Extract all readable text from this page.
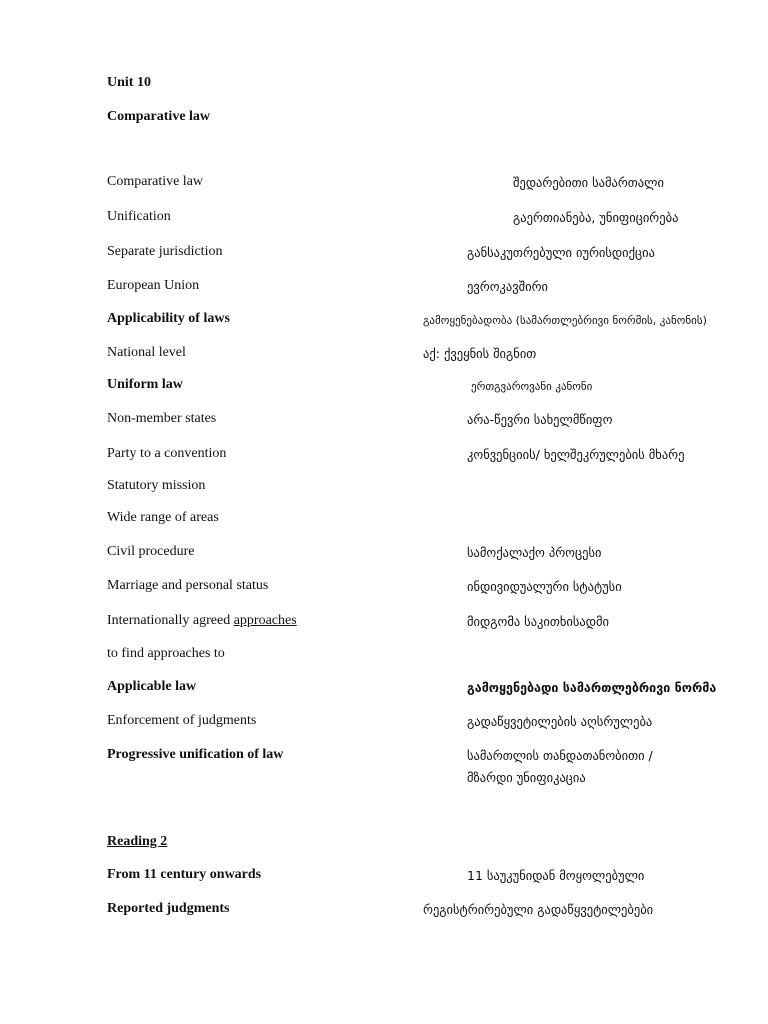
Unit 10
Comparative law
Comparative law	შედარებითი სამართალი
Unification	გაერთიანება, უნიფიცირება
Separate jurisdiction	განსაკუთრებული იურისდიქცია
European Union	ევროკავშირი
Applicability of laws	გამოყენებადობა (სამართლებრივი ნორმის, კანონის)
National level	აქ: ქვეყნის შიგნით
Uniform law	ერთგვაროვანი კანონი
Non-member states	არა-წევრი სახელმწიფო
Party to a convention	კონვენციის/ ხელშეკრულების მხარე
Statutory mission
Wide range of areas
Civil procedure	სამოქალაქო პროცესი
Marriage and personal status	ინდივიდუალური სტატუსი
Internationally agreed approaches	მიდგომა საკითხისადმი
to find approaches to
Applicable law	გამოყენებადი სამართლებრივი ნორმა
Enforcement of judgments	გადაწყვეტილების აღსრულება
Progressive unification of law	სამართლის თანდათანობითი /
მზარდი უნიფიკაცია
Reading 2
From 11 century onwards	11 საუკუნიდან მოყოლებული
Reported judgments	რეგისტრირებული გადაწყვეტილებები
